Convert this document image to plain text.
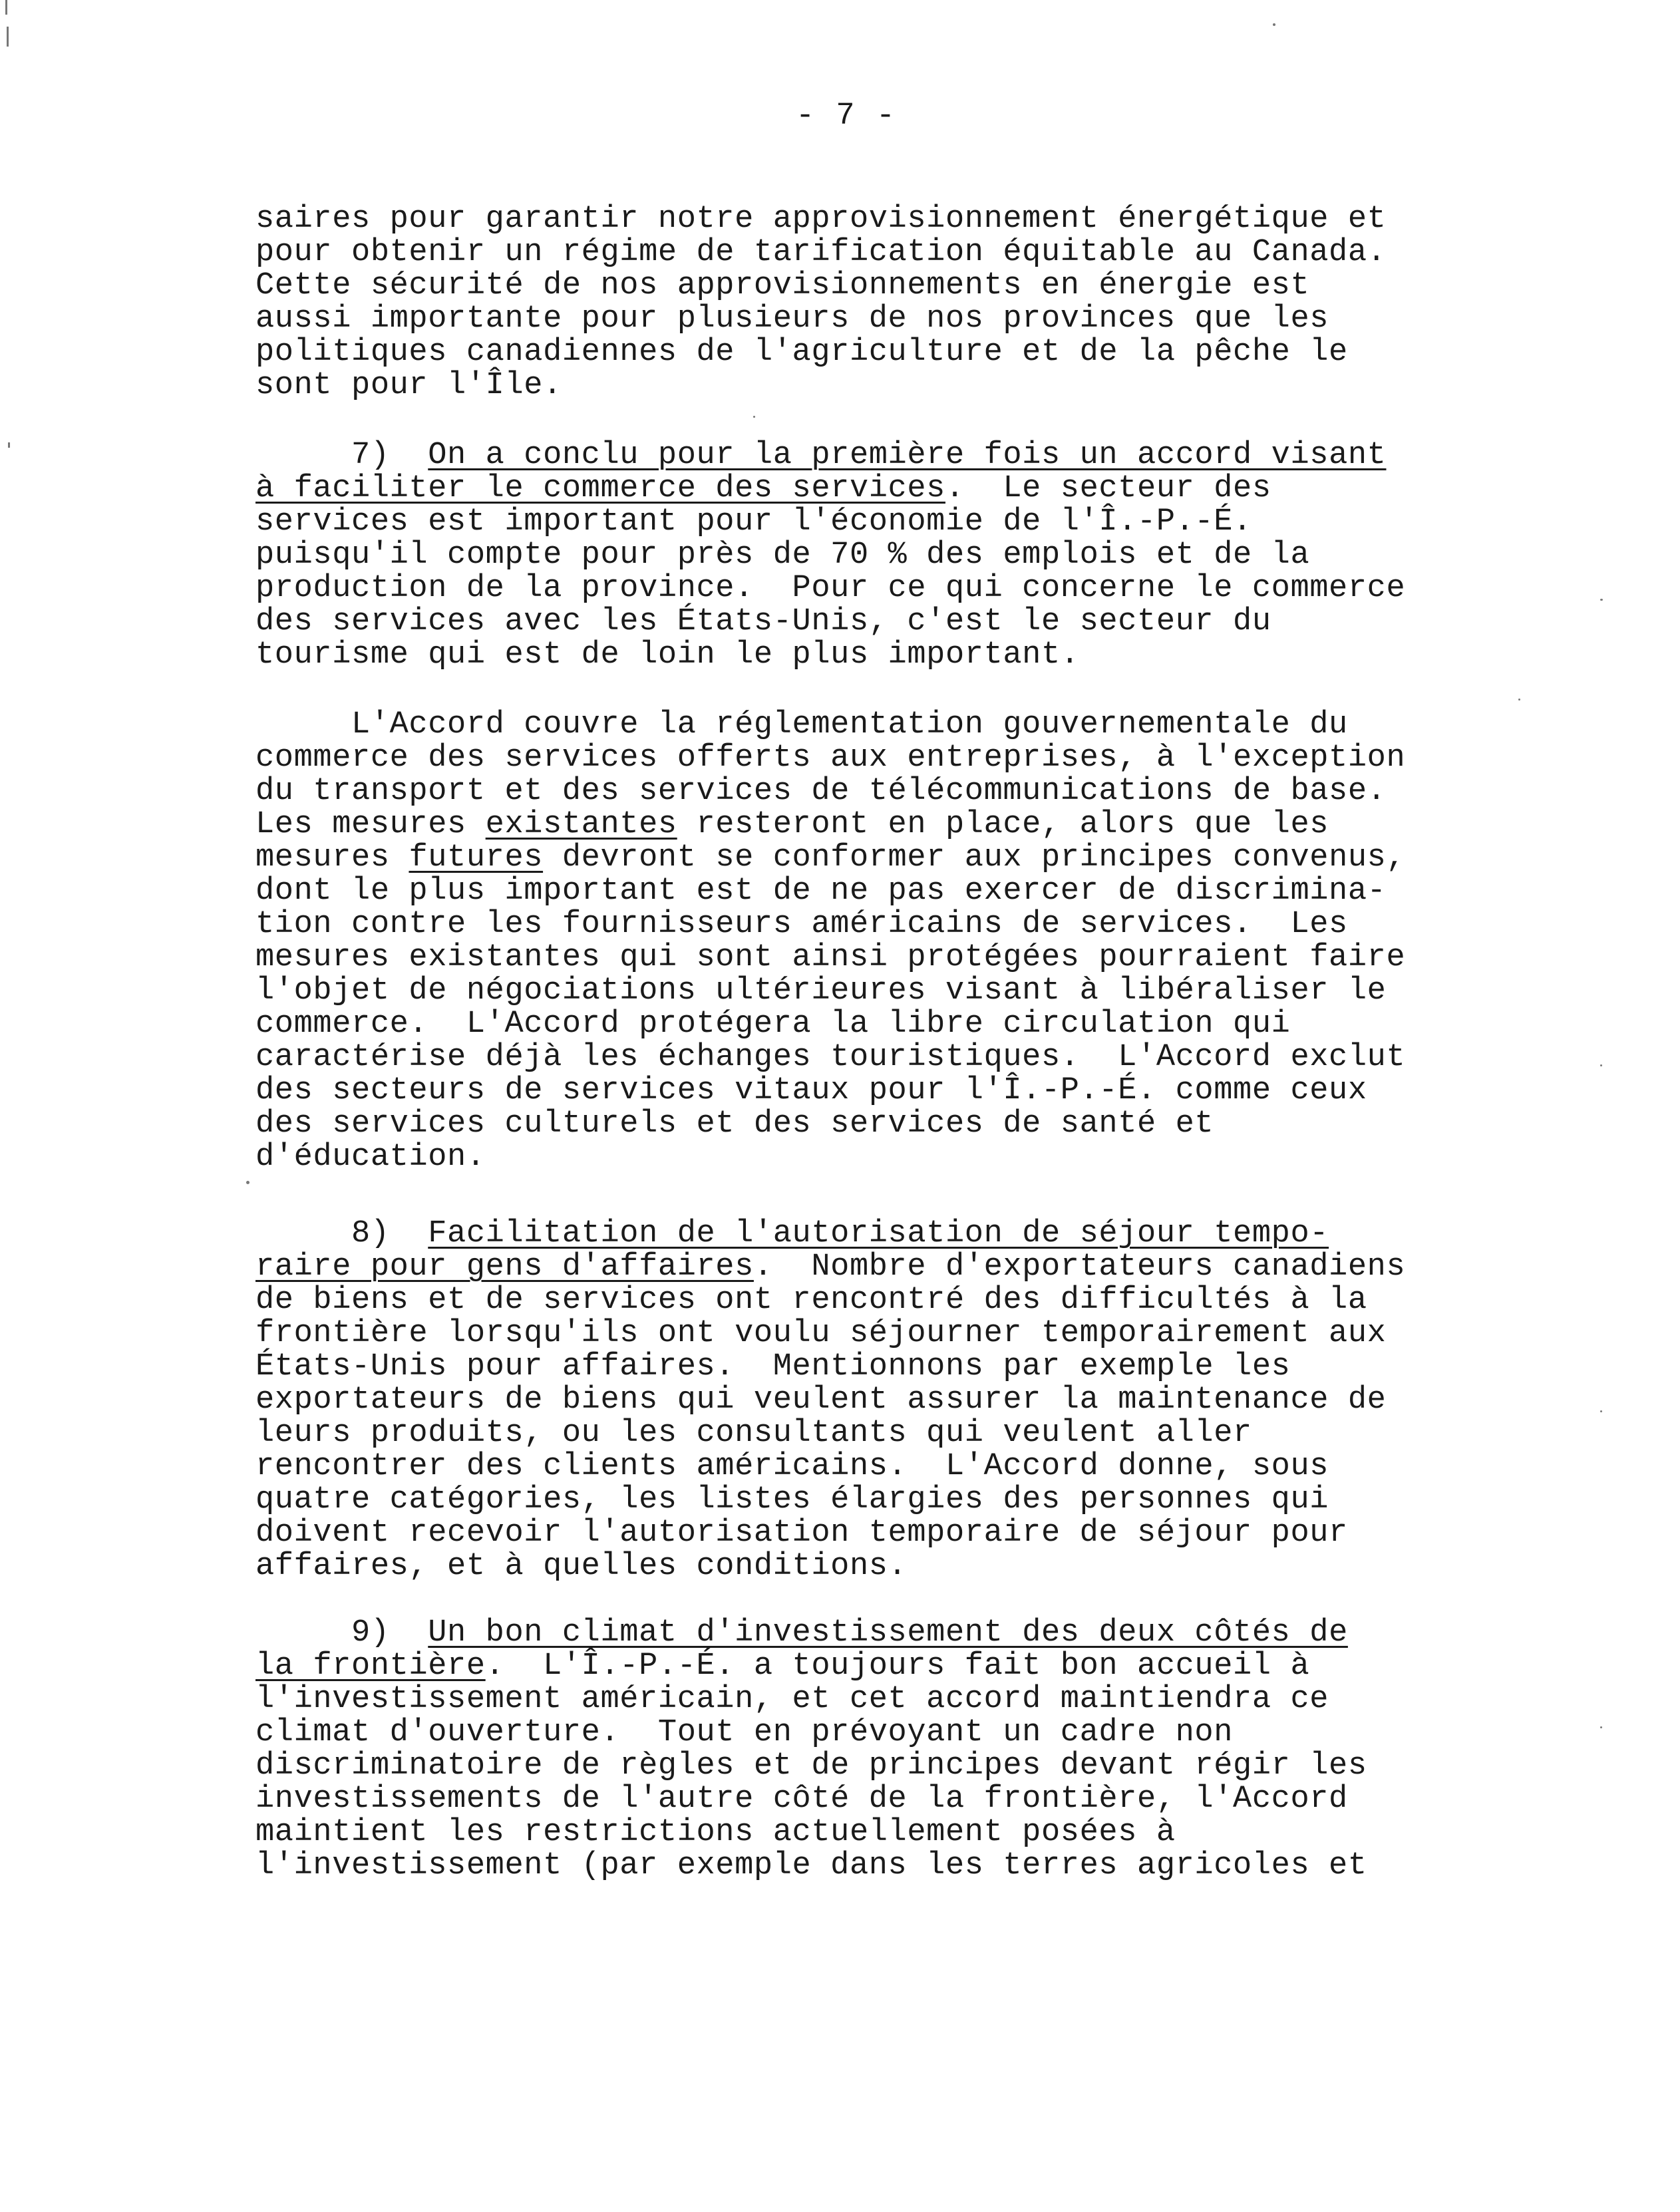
- 7 -

saires pour garantir notre approvisionnement énergétique et

pour obtenir un régime de tarification équitable au Canada.

Cette sécurité de nos approvisionnements en énergie est

aussi importante pour plusieurs de nos provinces que les

politiques canadiennes de l'agriculture et de la pêche le

sont pour l'Île.

7)  On a conclu pour la première fois un accord visant

à faciliter le commerce des services.  Le secteur des

services est important pour l'économie de l'Î.-P.-É.

puisqu'il compte pour près de 70 % des emplois et de la

production de la province.  Pour ce qui concerne le commerce

des services avec les États-Unis, c'est le secteur du

tourisme qui est de loin le plus important.

L'Accord couvre la réglementation gouvernementale du

commerce des services offerts aux entreprises, à l'exception

du transport et des services de télécommunications de base.

Les mesures existantes resteront en place, alors que les

mesures futures devront se conformer aux principes convenus,

dont le plus important est de ne pas exercer de discrimina-

tion contre les fournisseurs américains de services.  Les

mesures existantes qui sont ainsi protégées pourraient faire

l'objet de négociations ultérieures visant à libéraliser le

commerce.  L'Accord protégera la libre circulation qui

caractérise déjà les échanges touristiques.  L'Accord exclut

des secteurs de services vitaux pour l'Î.-P.-É. comme ceux

des services culturels et des services de santé et

d'éducation.

8)  Facilitation de l'autorisation de séjour tempo-

raire pour gens d'affaires.  Nombre d'exportateurs canadiens

de biens et de services ont rencontré des difficultés à la

frontière lorsqu'ils ont voulu séjourner temporairement aux

États-Unis pour affaires.  Mentionnons par exemple les

exportateurs de biens qui veulent assurer la maintenance de

leurs produits, ou les consultants qui veulent aller

rencontrer des clients américains.  L'Accord donne, sous

quatre catégories, les listes élargies des personnes qui

doivent recevoir l'autorisation temporaire de séjour pour

affaires, et à quelles conditions.

9)  Un bon climat d'investissement des deux côtés de

la frontière.  L'Î.-P.-É. a toujours fait bon accueil à

l'investissement américain, et cet accord maintiendra ce

climat d'ouverture.  Tout en prévoyant un cadre non

discriminatoire de règles et de principes devant régir les

investissements de l'autre côté de la frontière, l'Accord

maintient les restrictions actuellement posées à

l'investissement (par exemple dans les terres agricoles et
